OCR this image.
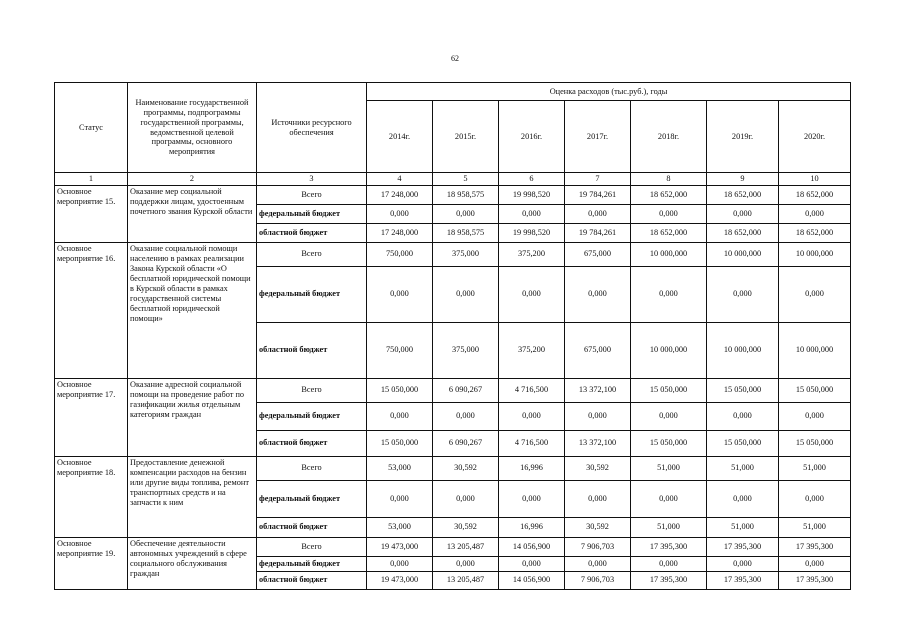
62
Статус	Наименование государственной программы, подпрограммы государственной программы, ведомственной целевой программы, основного мероприятия	Источники ресурсного обеспечения	Оценка расходов (тыс.руб.), годы						
			2014г.	2015г.	2016г.	2017г.	2018г.	2019г.	2020г.
1	2	3	4	5	6	7	8	9	10
Основное мероприятие 15.	Оказание мер социальной поддержки лицам, удостоенным почетного звания Курской области	Всего	17 248,000	18 958,575	19 998,520	19 784,261	18 652,000	18 652,000	18 652,000
		федеральный бюджет	0,000	0,000	0,000	0,000	0,000	0,000	0,000
		областной бюджет	17 248,000	18 958,575	19 998,520	19 784,261	18 652,000	18 652,000	18 652,000
Основное мероприятие 16.	Оказание социальной помощи населению в рамках реализации Закона Курской области «О бесплатной юридической помощи в Курской области в рамках государственной системы бесплатной юридической помощи»	Всего	750,000	375,000	375,200	675,000	10 000,000	10 000,000	10 000,000
		федеральный бюджет	0,000	0,000	0,000	0,000	0,000	0,000	0,000
		областной бюджет	750,000	375,000	375,200	675,000	10 000,000	10 000,000	10 000,000
Основное мероприятие 17.	Оказание адресной социальной помощи на проведение работ по газификации жилья отдельным категориям граждан	Всего	15 050,000	6 090,267	4 716,500	13 372,100	15 050,000	15 050,000	15 050,000
		федеральный бюджет	0,000	0,000	0,000	0,000	0,000	0,000	0,000
		областной бюджет	15 050,000	6 090,267	4 716,500	13 372,100	15 050,000	15 050,000	15 050,000
Основное мероприятие 18.	Предоставление денежной компенсации расходов на бензин или другие виды топлива, ремонт транспортных средств и на запчасти к ним	Всего	53,000	30,592	16,996	30,592	51,000	51,000	51,000
		федеральный бюджет	0,000	0,000	0,000	0,000	0,000	0,000	0,000
		областной бюджет	53,000	30,592	16,996	30,592	51,000	51,000	51,000
Основное мероприятие 19.	Обеспечение деятельности автономных учреждений в сфере социального обслуживания граждан	Всего	19 473,000	13 205,487	14 056,900	7 906,703	17 395,300	17 395,300	17 395,300
		федеральный бюджет	0,000	0,000	0,000	0,000	0,000	0,000	0,000
		областной бюджет	19 473,000	13 205,487	14 056,900	7 906,703	17 395,300	17 395,300	17 395,300
